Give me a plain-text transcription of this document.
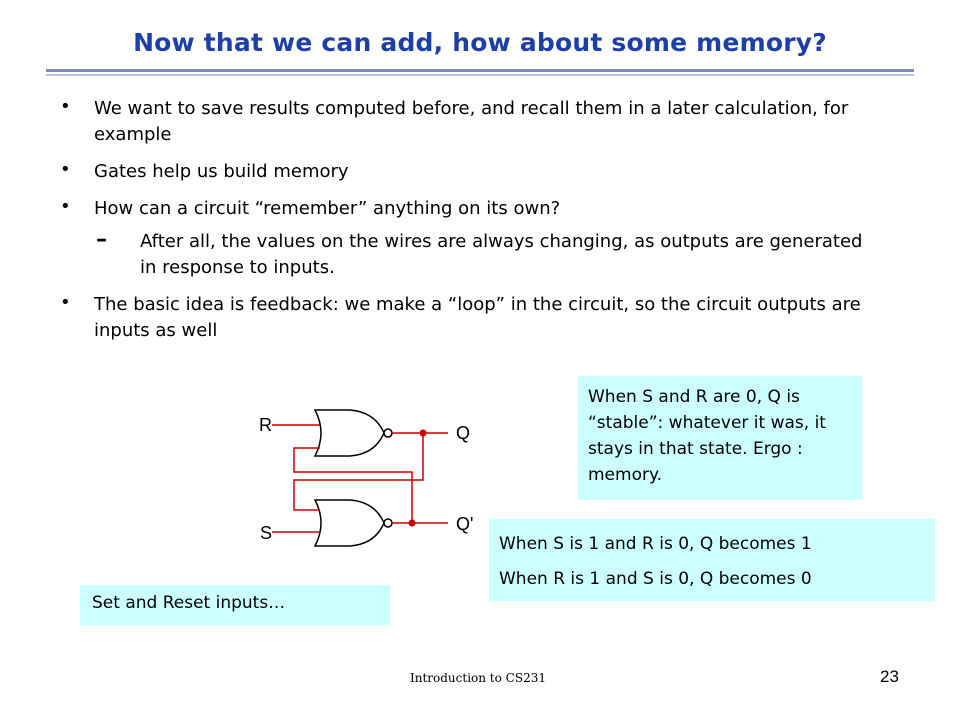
Now that we can add, how about some memory?
• We want to save results computed before, and recall them in a later calculation, for example
• Gates help us build memory
• How can a circuit “remember” anything on its own?
– After all, the values on the wires are always changing, as outputs are generated in response to inputs.
• The basic idea is feedback: we make a “loop” in the circuit, so the circuit outputs are inputs as well
R
S
Q
Q'
When S and R are 0, Q is “stable”: whatever it was, it stays in that state. Ergo : memory.
When S is 1 and R is 0, Q becomes 1
When R is 1 and S is 0, Q becomes 0
Set and Reset inputs…
Introduction to CS231	23
